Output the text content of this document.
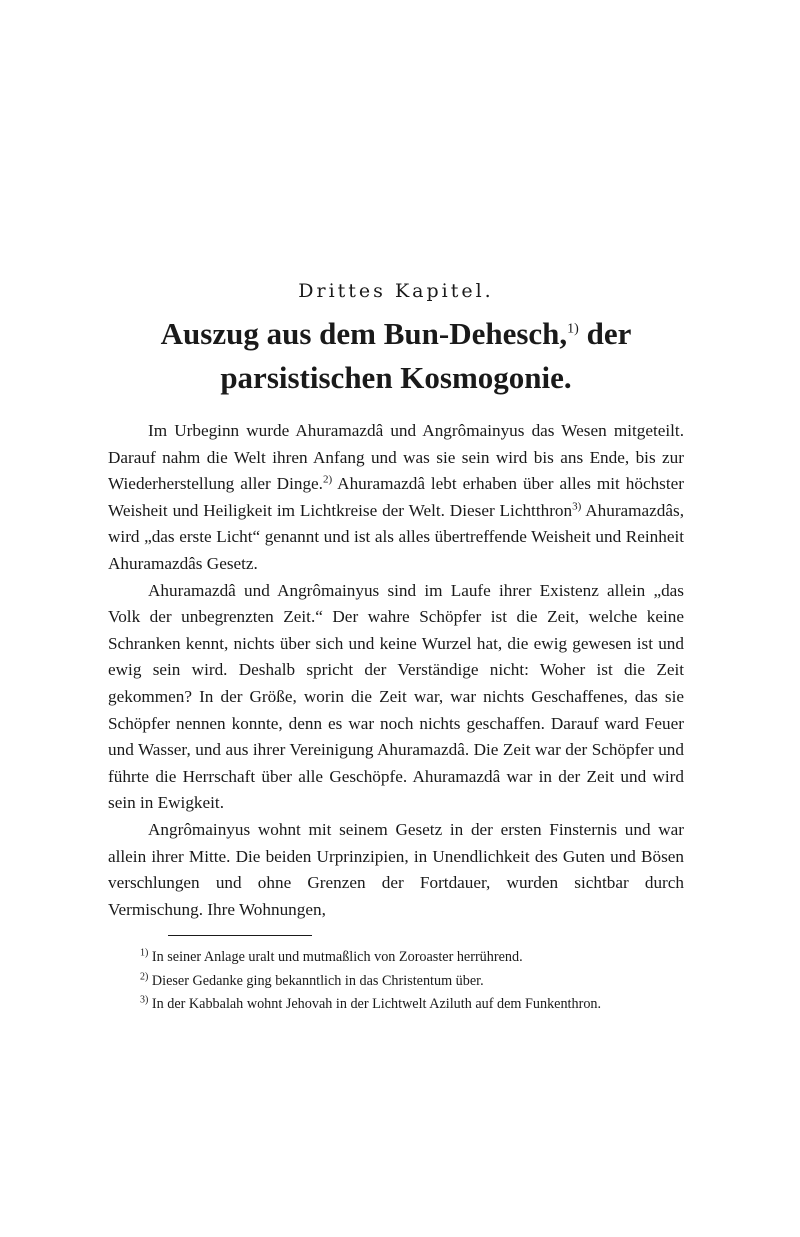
Drittes Kapitel.
Auszug aus dem Bun-Dehesch,$^{1)}$ der parsistischen Kosmogonie.

Im Urbeginn wurde Ahuramazdâ und Angrômainyus das Wesen mitgeteilt. Darauf nahm die Welt ihren Anfang und was sie sein wird bis ans Ende, bis zur Wiederherstellung aller Dinge.$^{2)}$ Ahuramazdâ lebt erhaben über alles mit höchster Weisheit und Heiligkeit im Lichtkreise der Welt. Dieser Lichtthron$^{3)}$ Ahuramazdâs, wird „das erste Licht“ genannt und ist als alles übertreffende Weisheit und Reinheit Ahuramazdâs Gesetz.

Ahuramazdâ und Angrômainyus sind im Laufe ihrer Existenz allein „das Volk der unbegrenzten Zeit.“ Der wahre Schöpfer ist die Zeit, welche keine Schranken kennt, nichts über sich und keine Wurzel hat, die ewig gewesen ist und ewig sein wird. Deshalb spricht der Verständige nicht: Woher ist die Zeit gekommen? In der Größe, worin die Zeit war, war nichts Geschaffenes, das sie Schöpfer nennen konnte, denn es war noch nichts geschaffen. Darauf ward Feuer und Wasser, und aus ihrer Vereinigung Ahuramazdâ. Die Zeit war der Schöpfer und führte die Herrschaft über alle Geschöpfe. Ahuramazdâ war in der Zeit und wird sein in Ewigkeit.

Angrômainyus wohnt mit seinem Gesetz in der ersten Finsternis und war allein ihrer Mitte. Die beiden Urprinzipien, in Unendlichkeit des Guten und Bösen verschlungen und ohne Grenzen der Fortdauer, wurden sichtbar durch Vermischung. Ihre Wohnungen,

$^{1)}$ In seiner Anlage uralt und mutmaßlich von Zoroaster herrührend.

$^{2)}$ Dieser Gedanke ging bekanntlich in das Christentum über.

$^{3)}$ In der Kabbalah wohnt Jehovah in der Lichtwelt Aziluth auf dem Funkenthron.
